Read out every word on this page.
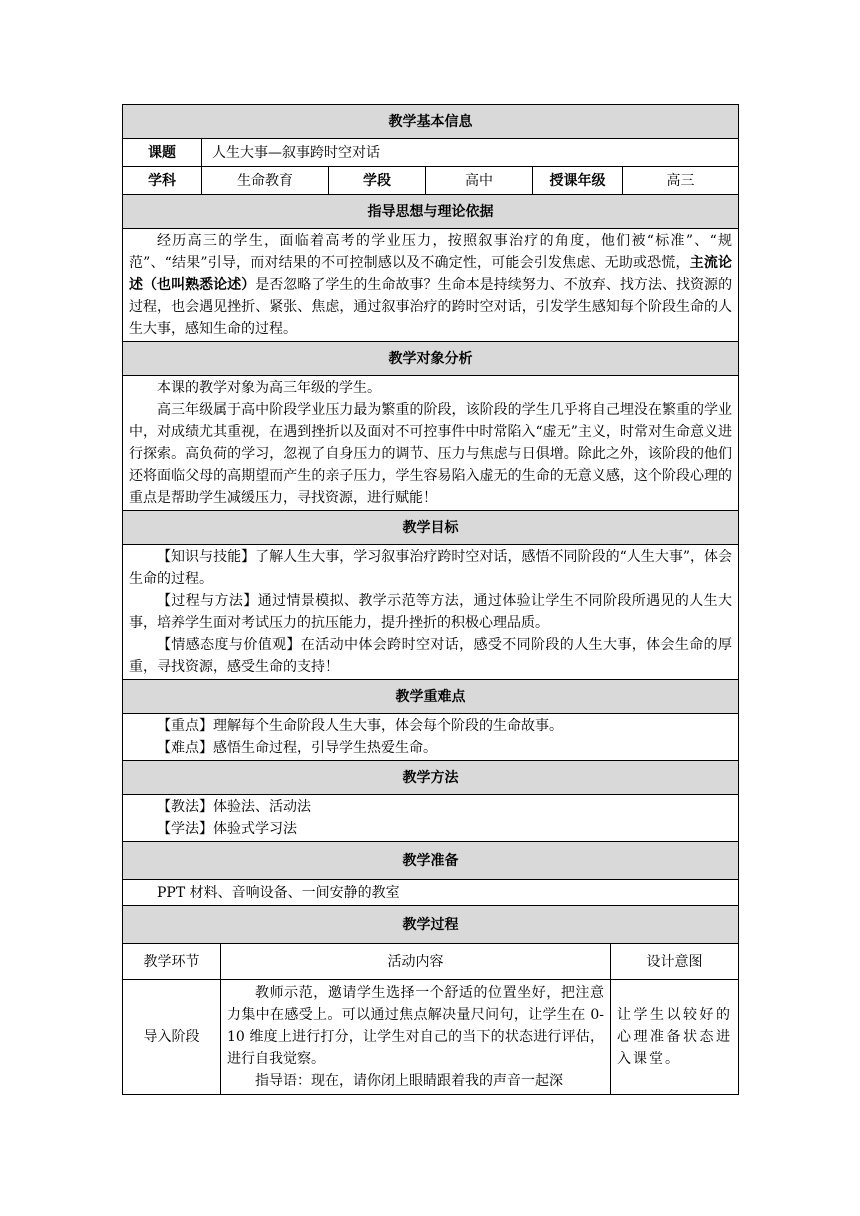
教学基本信息					
课题	人生大事—叙事跨时空对话				
学科	生命教育	学段	高中	授课年级	高三
指导思想与理论依据					

经历高三的学生，面临着高考的学业压力，按照叙事治疗的角度，他们被“标准”、“规范”、“结果”引导，而对结果的不可控制感以及不确定性，可能会引发焦虑、无助或恐慌，主流论述（也叫熟悉论述）是否忽略了学生的生命故事？生命本是持续努力、不放弃、找方法、找资源的过程，也会遇见挫折、紧张、焦虑，通过叙事治疗的跨时空对话，引发学生感知每个阶段生命的人生大事，感知生命的过程。					

教学对象分析					

本课的教学对象为高三年级的学生。

高三年级属于高中阶段学业压力最为繁重的阶段，该阶段的学生几乎将自己埋没在繁重的学业中，对成绩尤其重视，在遇到挫折以及面对不可控事件中时常陷入“虚无”主义，时常对生命意义进行探索。高负荷的学习，忽视了自身压力的调节、压力与焦虑与日俱增。除此之外，该阶段的他们还将面临父母的高期望而产生的亲子压力，学生容易陷入虚无的生命的无意义感，这个阶段心理的重点是帮助学生减缓压力，寻找资源，进行赋能！					

教学目标					

【知识与技能】了解人生大事，学习叙事治疗跨时空对话，感悟不同阶段的“人生大事”，体会生命的过程。

【过程与方法】通过情景模拟、教学示范等方法，通过体验让学生不同阶段所遇见的人生大事，培养学生面对考试压力的抗压能力，提升挫折的积极心理品质。

【情感态度与价值观】在活动中体会跨时空对话，感受不同阶段的人生大事，体会生命的厚重，寻找资源，感受生命的支持！					

教学重难点					

【重点】理解每个生命阶段人生大事，体会每个阶段的生命故事。

【难点】感悟生命过程，引导学生热爱生命。					

教学方法					

【教法】体验法、活动法

【学法】体验式学习法					

教学准备					

PPT 材料、音响设备、一间安静的教室					

教学过程					
教学环节	活动内容	设计意图
导入阶段	教师示范，邀请学生选择一个舒适的位置坐好，把注意力集中在感受上。可以通过焦点解决量尺问句，让学生在 0-10 维度上进行打分，让学生对自己的当下的状态进行评估，进行自我觉察。

指导语：现在，请你闭上眼睛跟着我的声音一起深	让学生以较好的心理准备状态进入课堂。
